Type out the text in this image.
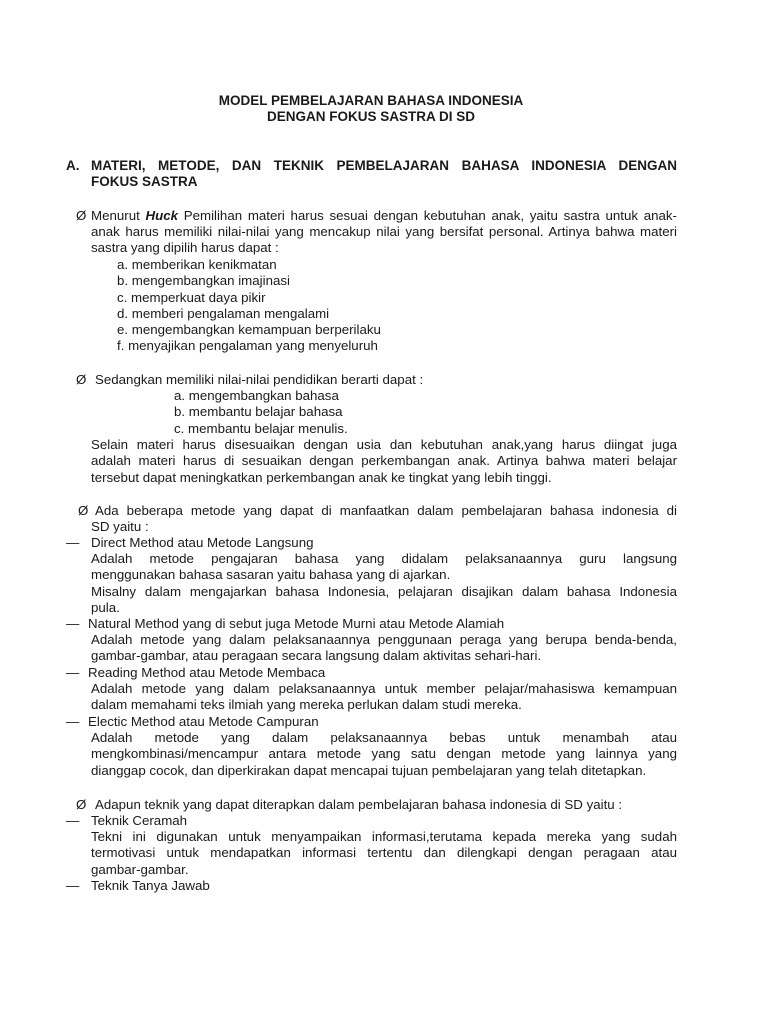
MODEL PEMBELAJARAN BAHASA INDONESIA
DENGAN FOKUS SASTRA DI SD
A. MATERI, METODE, DAN TEKNIK PEMBELAJARAN BAHASA INDONESIA DENGAN
FOKUS SASTRA
Ø Menurut Huck Pemilihan materi harus sesuai dengan kebutuhan anak, yaitu sastra untuk anak-
anak harus memiliki nilai-nilai yang mencakup nilai yang bersifat personal. Artinya bahwa materi
sastra yang dipilih harus dapat :
a. memberikan kenikmatan
b. mengembangkan imajinasi
c. memperkuat daya pikir
d. memberi pengalaman mengalami
e. mengembangkan kemampuan berperilaku
f. menyajikan pengalaman yang menyeluruh
Ø Sedangkan memiliki nilai-nilai pendidikan berarti dapat :
a. mengembangkan bahasa
b. membantu belajar bahasa
c. membantu belajar menulis.
Selain materi harus disesuaikan dengan usia dan kebutuhan anak,yang harus diingat juga
adalah materi harus di sesuaikan dengan perkembangan anak. Artinya bahwa materi belajar
tersebut dapat meningkatkan perkembangan anak ke tingkat yang lebih tinggi.
Ø Ada beberapa metode yang dapat di manfaatkan dalam pembelajaran bahasa indonesia di
SD yaitu :
— Direct Method atau Metode Langsung
Adalah metode pengajaran bahasa yang didalam pelaksanaannya guru langsung
menggunakan bahasa sasaran yaitu bahasa yang di ajarkan.
Misalny dalam mengajarkan bahasa Indonesia, pelajaran disajikan dalam bahasa Indonesia
pula.
— Natural Method yang di sebut juga Metode Murni atau Metode Alamiah
Adalah metode yang dalam pelaksanaannya penggunaan peraga yang berupa benda-benda,
gambar-gambar, atau peragaan secara langsung dalam aktivitas sehari-hari.
— Reading Method atau Metode Membaca
Adalah metode yang dalam pelaksanaannya untuk member pelajar/mahasiswa kemampuan
dalam memahami teks ilmiah yang mereka perlukan dalam studi mereka.
— Electic Method atau Metode Campuran
Adalah metode yang dalam pelaksanaannya bebas untuk menambah atau
mengkombinasi/mencampur antara metode yang satu dengan metode yang lainnya yang
dianggap cocok, dan diperkirakan dapat mencapai tujuan pembelajaran yang telah ditetapkan.
Ø Adapun teknik yang dapat diterapkan dalam pembelajaran bahasa indonesia di SD yaitu :
— Teknik Ceramah
Tekni ini digunakan untuk menyampaikan informasi,terutama kepada mereka yang sudah
termotivasi untuk mendapatkan informasi tertentu dan dilengkapi dengan peragaan atau
gambar-gambar.
— Teknik Tanya Jawab
